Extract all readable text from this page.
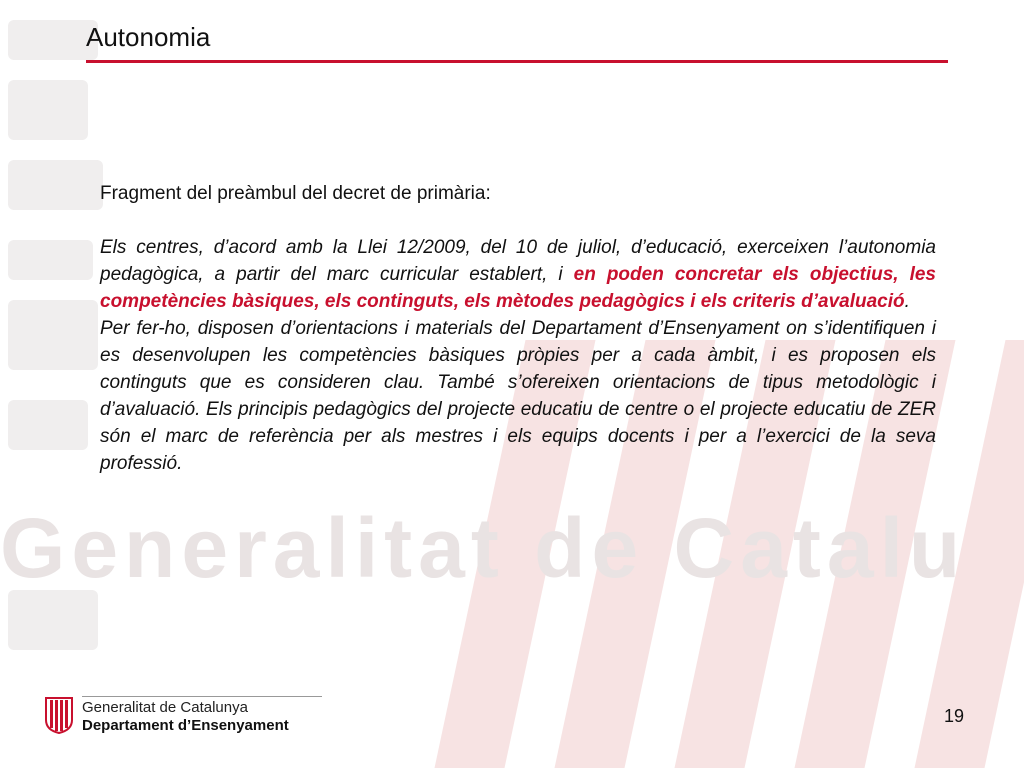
Generalitat de Catalu
Autonomia
Fragment del preàmbul del decret de primària:

Els centres, d’acord amb la Llei 12/2009, del 10 de juliol, d’educació, exerceixen l’autonomia pedagògica, a partir del marc curricular establert, i en poden concretar els objectius, les competències bàsiques, els continguts, els mètodes pedagògics i els criteris d’avaluació.

Per fer-ho, disposen d’orientacions i materials del Departament d’Ensenyament on s’identifiquen i es desenvolupen les competències bàsiques pròpies per a cada àmbit, i es proposen els continguts que es consideren clau. També s’ofereixen orientacions de tipus metodològic i d’avaluació. Els principis pedagògics del projecte educatiu de centre o el projecte educatiu de ZER són el marc de referència per als mestres i els equips docents i per a l’exercici de la seva professió.

Generalitat de Catalunya
Departament d’Ensenyament	19
